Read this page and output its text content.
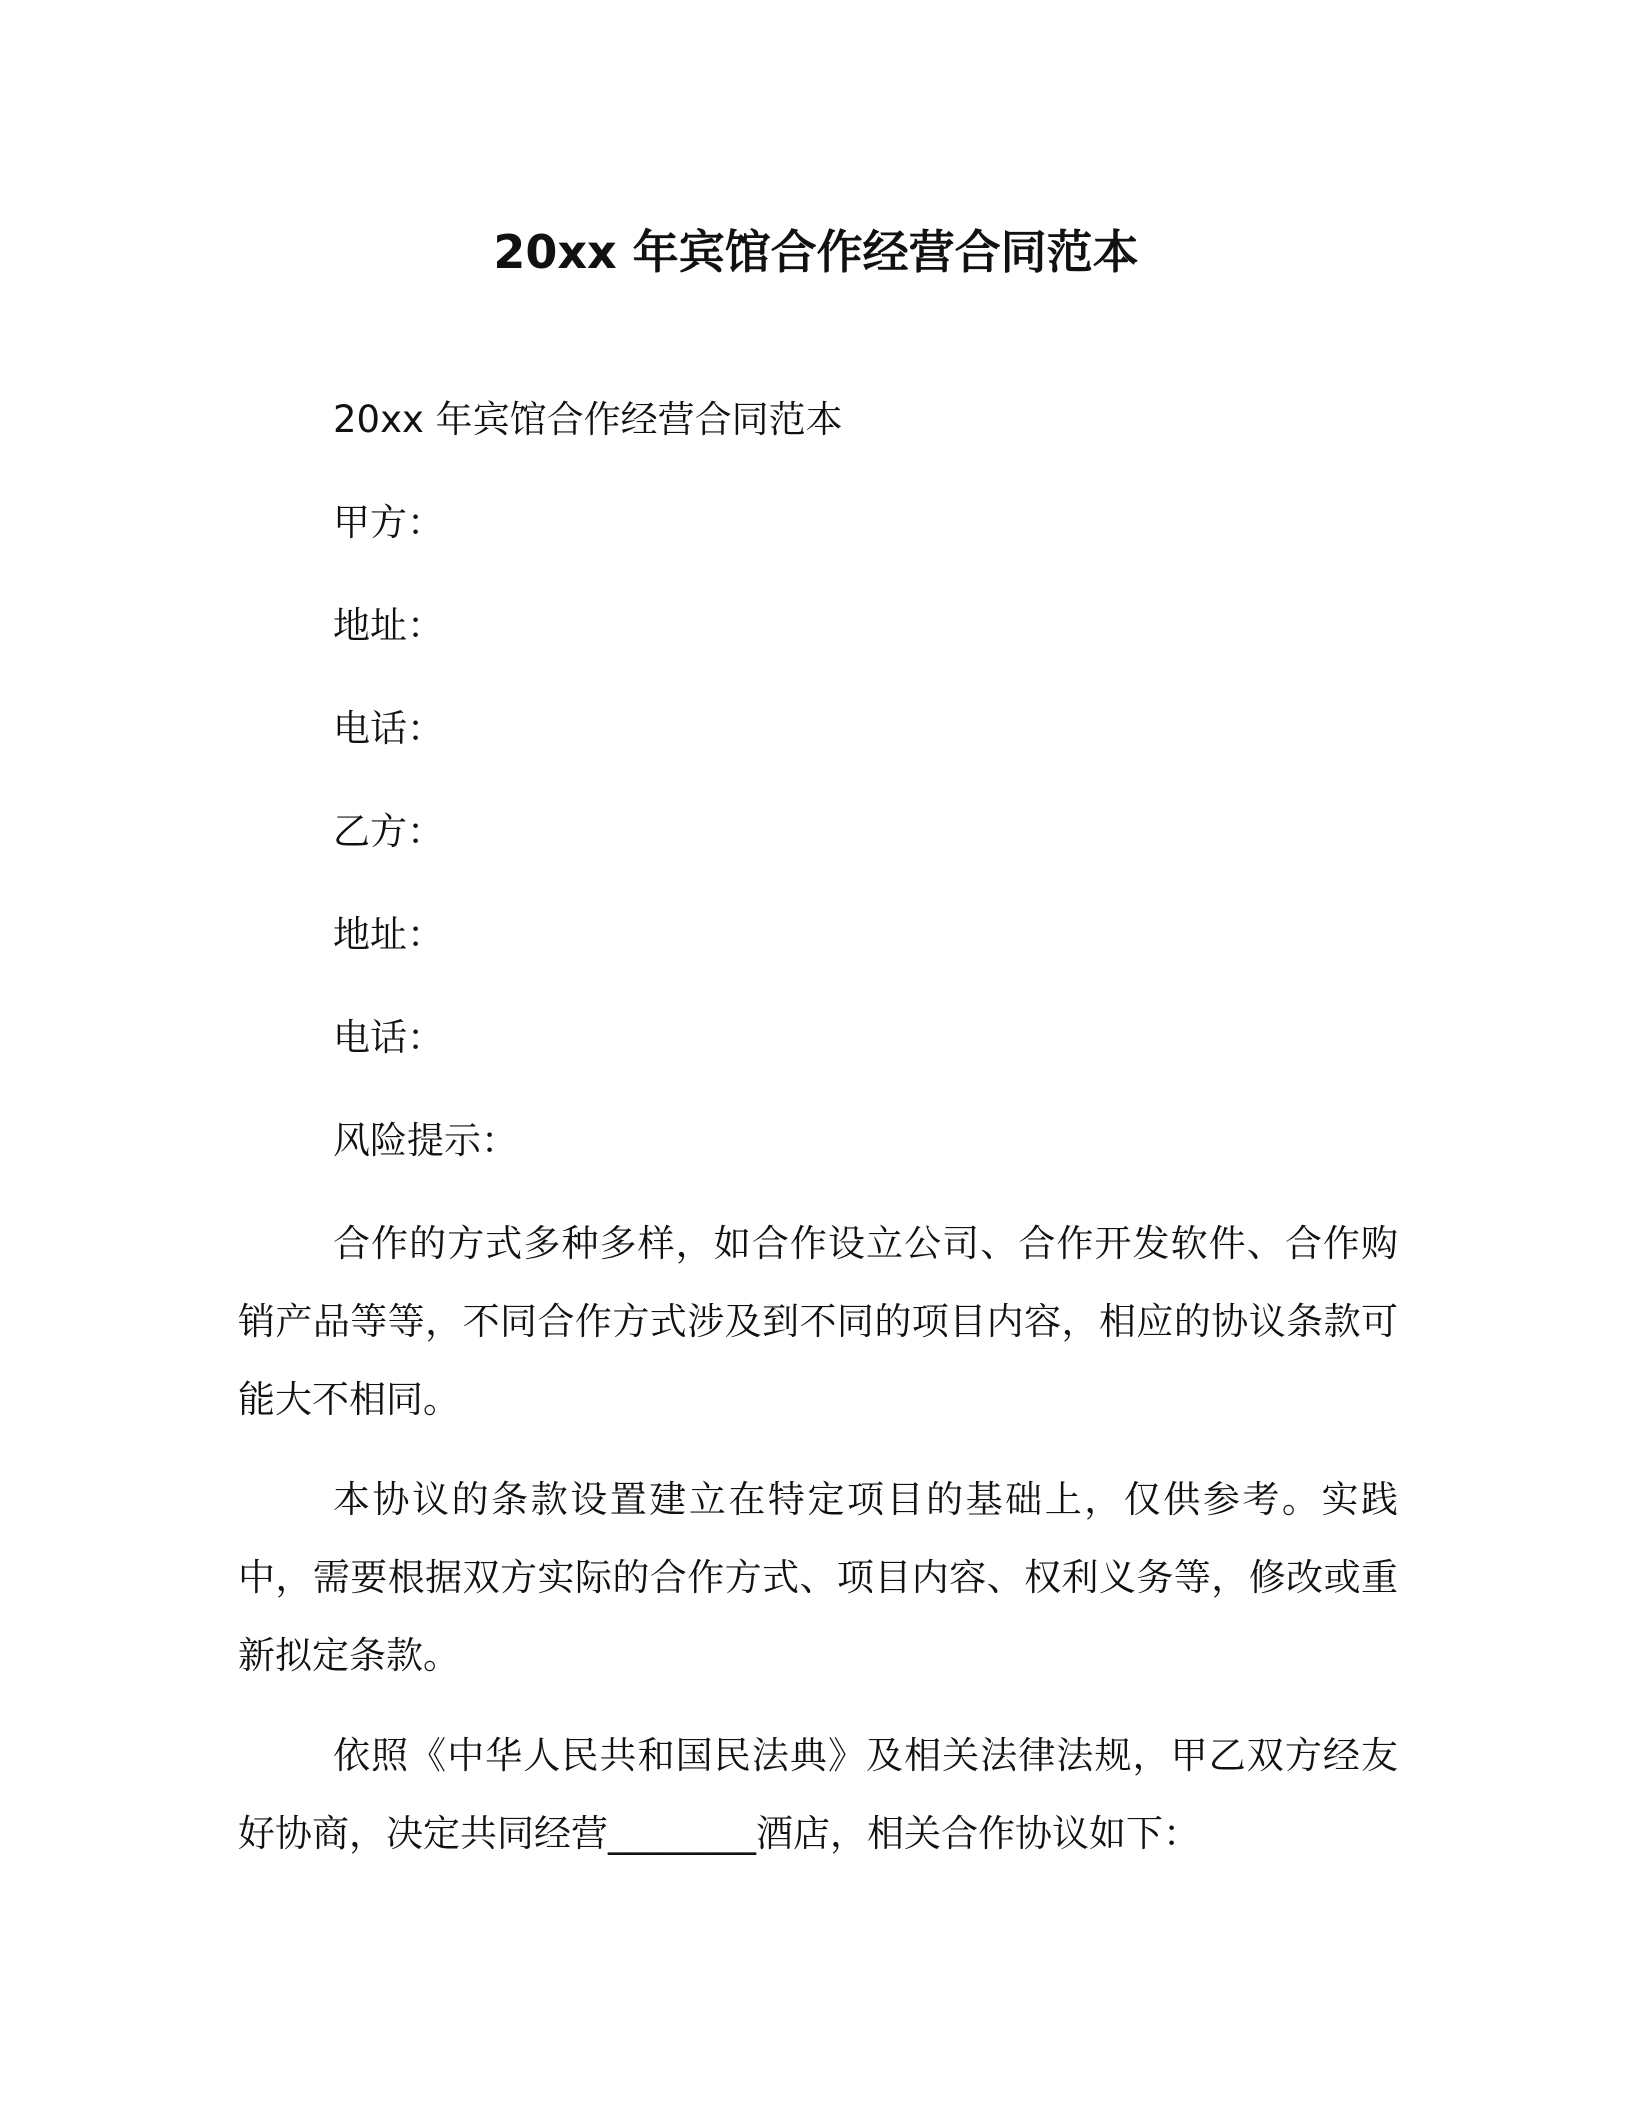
20xx 年宾馆合作经营合同范本
20xx 年宾馆合作经营合同范本
甲方：
地址：
电话：
乙方：
地址：
电话：
风险提示：
合作的方式多种多样，如合作设立公司、合作开发软件、合作购销产品等等，不同合作方式涉及到不同的项目内容，相应的协议条款可能大不相同。
本协议的条款设置建立在特定项目的基础上，仅供参考。实践中，需要根据双方实际的合作方式、项目内容、权利义务等，修改或重新拟定条款。
依照《中华人民共和国民法典》及相关法律法规，甲乙双方经友好协商，决定共同经营________酒店，相关合作协议如下：
